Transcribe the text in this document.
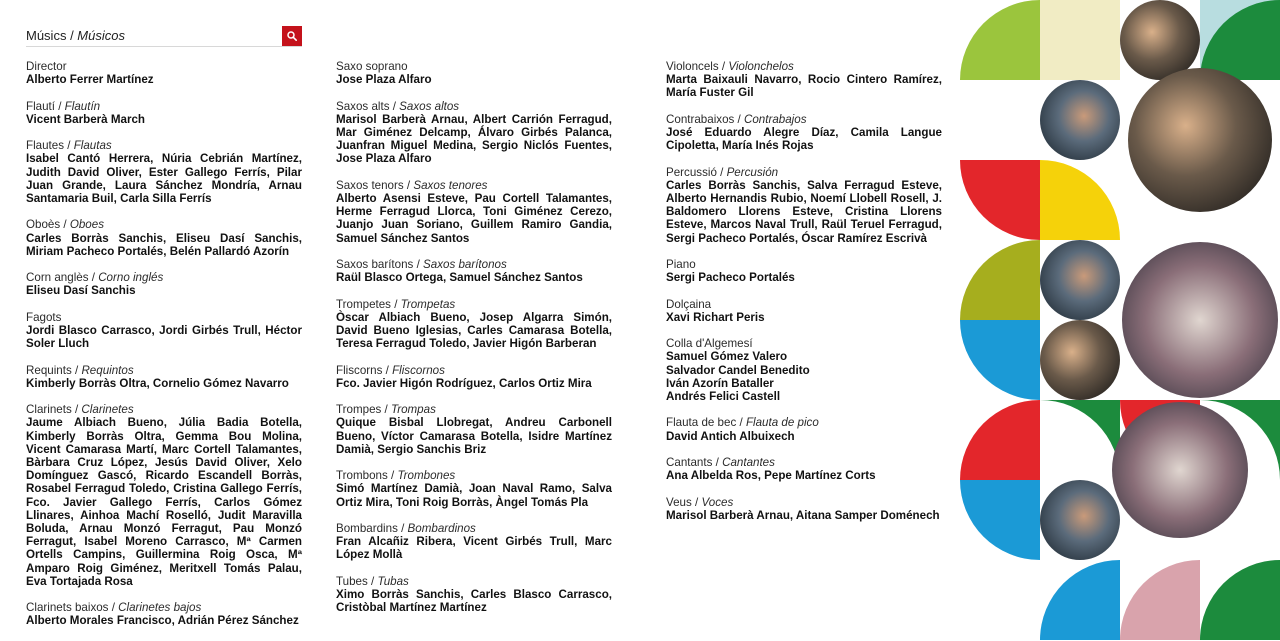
Músics / Músicos
Director
Alberto Ferrer Martínez
Flautí / Flautín
Vicent Barberà March
Flautes / Flautas
Isabel Cantó Herrera, Núria Cebrián Martínez, Judith David Oliver, Ester Gallego Ferrís, Pilar Juan Grande, Laura Sánchez Mondría, Arnau Santamaria Buil, Carla Silla Ferrís
Oboès / Oboes
Carles Borràs Sanchis, Eliseu Dasí Sanchis, Miriam Pacheco Portalés, Belén Pallardó Azorín
Corn anglès / Corno inglés
Eliseu Dasí Sanchis
Fagots
Jordi Blasco Carrasco, Jordi Girbés Trull, Héctor Soler Lluch
Requints / Requintos
Kimberly Borràs Oltra, Cornelio Gómez Navarro
Clarinets / Clarinetes
Jaume Albiach Bueno, Júlia Badia Botella, Kimberly Borràs Oltra, Gemma Bou Molina, Vicent Camarasa Martí, Marc Cortell Talamantes, Bàrbara Cruz López, Jesús David Oliver, Xelo Domínguez Gascó, Ricardo Escandell Borràs, Rosabel Ferragud Toledo, Cristina Gallego Ferrís, Fco. Javier Gallego Ferrís, Carlos Gómez Llinares, Ainhoa Machí Roselló, Judit Maravilla Boluda, Arnau Monzó Ferragut, Pau Monzó Ferragut, Isabel Moreno Carrasco, Mª Carmen Ortells Campins, Guillermina Roig Osca, Mª Amparo Roig Giménez, Meritxell Tomás Palau, Eva Tortajada Rosa
Clarinets baixos / Clarinetes bajos
Alberto Morales Francisco, Adrián Pérez Sánchez
Saxo soprano
Jose Plaza Alfaro
Saxos alts / Saxos altos
Marisol Barberà Arnau, Albert Carrión Ferragud, Mar Giménez Delcamp, Álvaro Girbés Palanca, Juanfran Miguel Medina, Sergio Niclós Fuentes, Jose Plaza Alfaro
Saxos tenors / Saxos tenores
Alberto Asensi Esteve, Pau Cortell Talamantes, Herme Ferragud Llorca, Toni Giménez Cerezo, Juanjo Juan Soriano, Guillem Ramiro Gandia, Samuel Sánchez Santos
Saxos barítons / Saxos barítonos
Raül Blasco Ortega, Samuel Sánchez Santos
Trompetes / Trompetas
Òscar Albiach Bueno, Josep Algarra Simón, David Bueno Iglesias, Carles Camarasa Botella, Teresa Ferragud Toledo, Javier Higón Barberan
Fliscorns / Fliscornos
Fco. Javier Higón Rodríguez, Carlos Ortiz Mira
Trompes / Trompas
Quique Bisbal Llobregat, Andreu Carbonell Bueno, Víctor Camarasa Botella, Isidre Martínez Damià, Sergio Sanchis Briz
Trombons / Trombones
Simó Martínez Damià, Joan Naval Ramo, Salva Ortiz Mira, Toni Roig Borràs, Àngel Tomás Pla
Bombardins / Bombardinos
Fran Alcañiz Ribera, Vicent Girbés Trull, Marc López Mollà
Tubes / Tubas
Ximo Borràs Sanchis, Carles Blasco Carrasco, Cristòbal Martínez Martínez
Violoncels / Violonchelos
Marta Baixauli Navarro, Rocio Cintero Ramírez, María Fuster Gil
Contrabaixos / Contrabajos
José Eduardo Alegre Díaz, Camila Langue Cipoletta, María Inés Rojas
Percussió / Percusión
Carles Borràs Sanchis, Salva Ferragud Esteve, Alberto Hernandis Rubio, Noemí Llobell Rosell, J. Baldomero Llorens Esteve, Cristina Llorens Esteve, Marcos Naval Trull, Raül Teruel Ferragud, Sergi Pacheco Portalés, Óscar Ramírez Escrivà
Piano
Sergi Pacheco Portalés
Dolçaina
Xavi Richart Peris
Colla d'Algemesí
Samuel Gómez Valero
Salvador Candel Benedito
Iván Azorín Bataller
Andrés Felici Castell
Flauta de bec / Flauta de pico
David Antich Albuixech
Cantants / Cantantes
Ana Albelda Ros, Pepe Martínez Corts
Veus / Voces
Marisol Barberà Arnau, Aitana Samper Doménech
